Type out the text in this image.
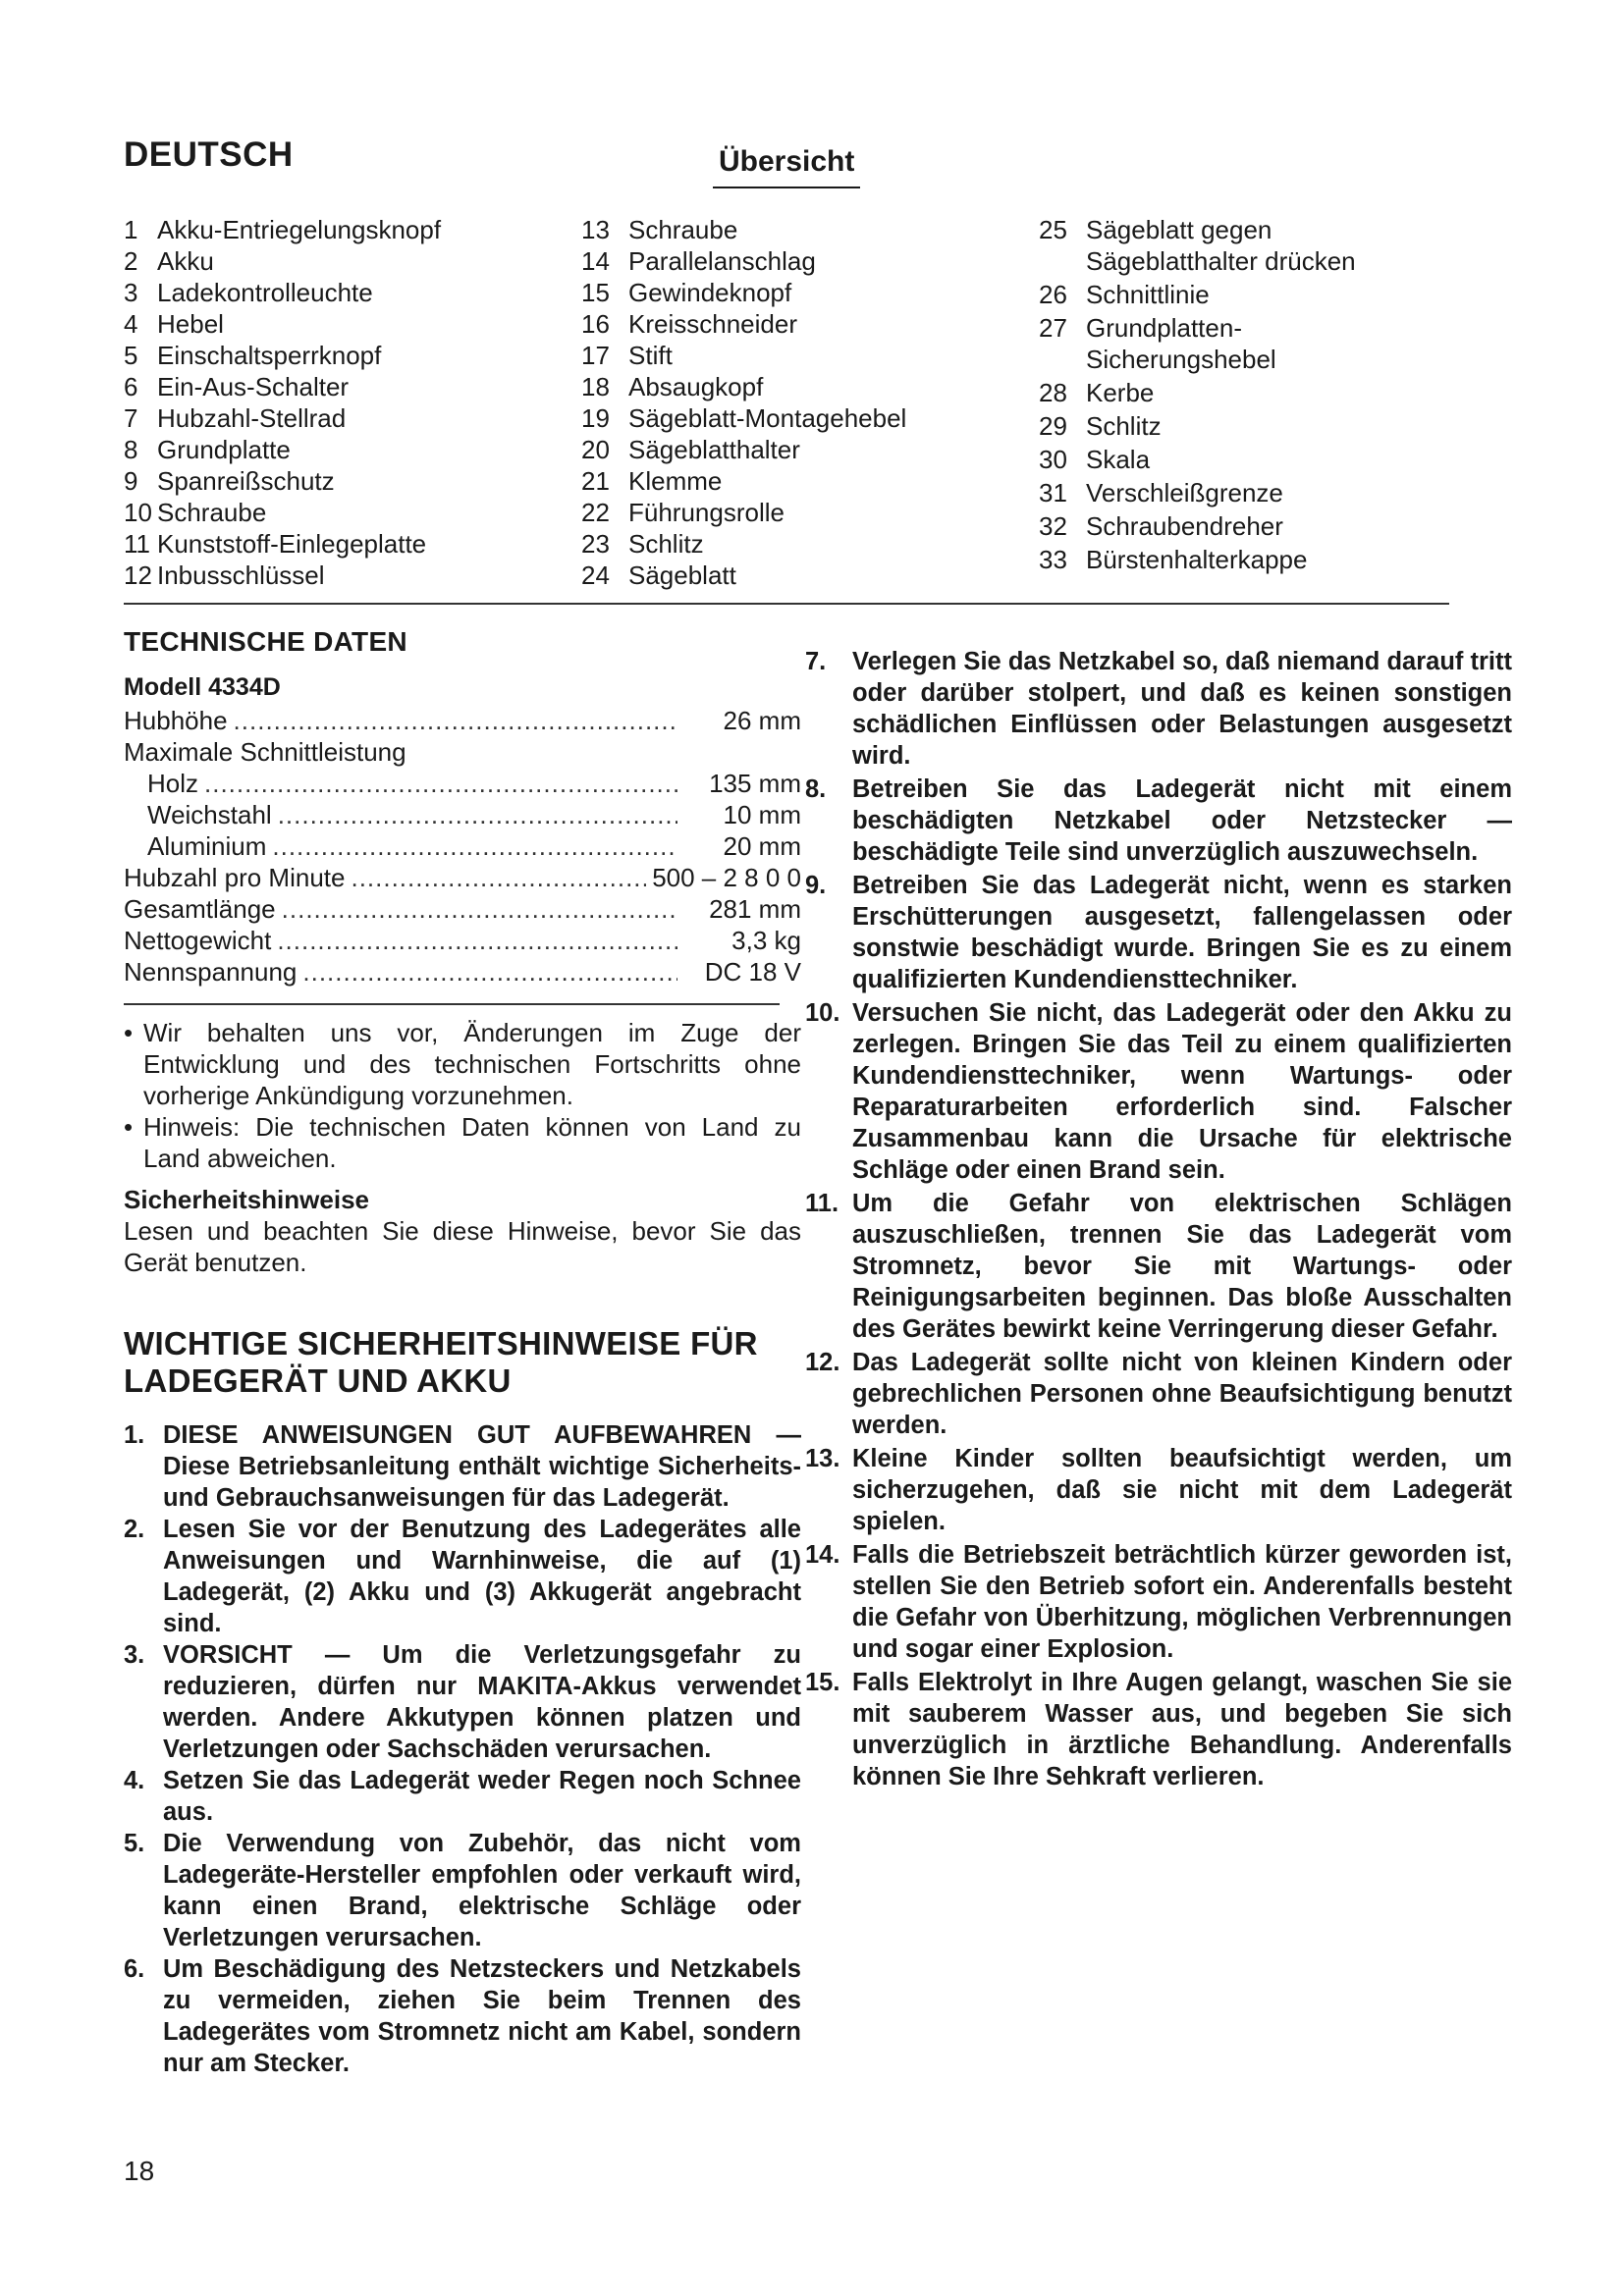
DEUTSCH	Übersicht
1 Akku-Entriegelungsknopf
2 Akku
3 Ladekontrolleuchte
4 Hebel
5 Einschaltsperrknopf
6 Ein-Aus-Schalter
7 Hubzahl-Stellrad
8 Grundplatte
9 Spanreißschutz
10 Schraube
11 Kunststoff-Einlegeplatte
12 Inbusschlüssel
13 Schraube
14 Parallelanschlag
15 Gewindeknopf
16 Kreisschneider
17 Stift
18 Absaugkopf
19 Sägeblatt-Montagehebel
20 Sägeblatthalter
21 Klemme
22 Führungsrolle
23 Schlitz
24 Sägeblatt
25 Sägeblatt gegen
Sägeblatthalter drücken
26 Schnittlinie
27 Grundplatten-
Sicherungshebel
28 Kerbe
29 Schlitz
30 Skala
31 Verschleißgrenze
32 Schraubendreher
33 Bürstenhalterkappe
TECHNISCHE DATEN
Modell 4334D
Hubhöhe .....	26 mm
Maximale Schnittleistung
Holz .....	135 mm
Weichstahl .....	10 mm
Aluminium .....	20 mm
Hubzahl pro Minute .....	500 – 2 8 0 0
Gesamtlänge .....	281 mm
Nettogewicht .....	3,3 kg
Nennspannung .....	DC 18 V
• Wir behalten uns vor, Änderungen im Zuge der Entwicklung und des technischen Fortschritts ohne vorherige Ankündigung vorzunehmen.
• Hinweis: Die technischen Daten können von Land zu Land abweichen.
Sicherheitshinweise
Lesen und beachten Sie diese Hinweise, bevor Sie das Gerät benutzen.
WICHTIGE SICHERHEITSHINWEISE FÜR
LADEGERÄT UND AKKU
1. DIESE ANWEISUNGEN GUT AUFBEWAHREN — Diese Betriebsanleitung enthält wichtige Sicherheits- und Gebrauchsanweisungen für das Ladegerät.
2. Lesen Sie vor der Benutzung des Ladegerätes alle Anweisungen und Warnhinweise, die auf (1) Ladegerät, (2) Akku und (3) Akkugerät angebracht sind.
3. VORSICHT — Um die Verletzungsgefahr zu reduzieren, dürfen nur MAKITA-Akkus verwendet werden. Andere Akkutypen können platzen und Verletzungen oder Sachschäden verursachen.
4. Setzen Sie das Ladegerät weder Regen noch Schnee aus.
5. Die Verwendung von Zubehör, das nicht vom Ladegeräte-Hersteller empfohlen oder verkauft wird, kann einen Brand, elektrische Schläge oder Verletzungen verursachen.
6. Um Beschädigung des Netzsteckers und Netzkabels zu vermeiden, ziehen Sie beim Trennen des Ladegerätes vom Stromnetz nicht am Kabel, sondern nur am Stecker.
7.	Verlegen Sie das Netzkabel so, daß niemand darauf tritt oder darüber stolpert, und daß es keinen sonstigen schädlichen Einflüssen oder Belastungen ausgesetzt wird.
8.	Betreiben Sie das Ladegerät nicht mit einem beschädigten Netzkabel oder Netzstecker — beschädigte Teile sind unverzüglich auszuwechseln.
9.	Betreiben Sie das Ladegerät nicht, wenn es starken Erschütterungen ausgesetzt, fallengelassen oder sonstwie beschädigt wurde. Bringen Sie es zu einem qualifizierten Kundendiensttechniker.
10. Versuchen Sie nicht, das Ladegerät oder den Akku zu zerlegen. Bringen Sie das Teil zu einem qualifizierten Kundendiensttechniker, wenn Wartungs- oder Reparaturarbeiten erforderlich sind. Falscher Zusammenbau kann die Ursache für elektrische Schläge oder einen Brand sein.
11. Um die Gefahr von elektrischen Schlägen auszuschließen, trennen Sie das Ladegerät vom Stromnetz, bevor Sie mit Wartungs- oder Reinigungsarbeiten beginnen. Das bloße Ausschalten des Gerätes bewirkt keine Verringerung dieser Gefahr.
12. Das Ladegerät sollte nicht von kleinen Kindern oder gebrechlichen Personen ohne Beaufsichtigung benutzt werden.
13. Kleine Kinder sollten beaufsichtigt werden, um sicherzugehen, daß sie nicht mit dem Ladegerät spielen.
14. Falls die Betriebszeit beträchtlich kürzer geworden ist, stellen Sie den Betrieb sofort ein. Anderenfalls besteht die Gefahr von Überhitzung, möglichen Verbrennungen und sogar einer Explosion.
15. Falls Elektrolyt in Ihre Augen gelangt, waschen Sie sie mit sauberem Wasser aus, und begeben Sie sich unverzüglich in ärztliche Behandlung. Anderenfalls können Sie Ihre Sehkraft verlieren.
18
